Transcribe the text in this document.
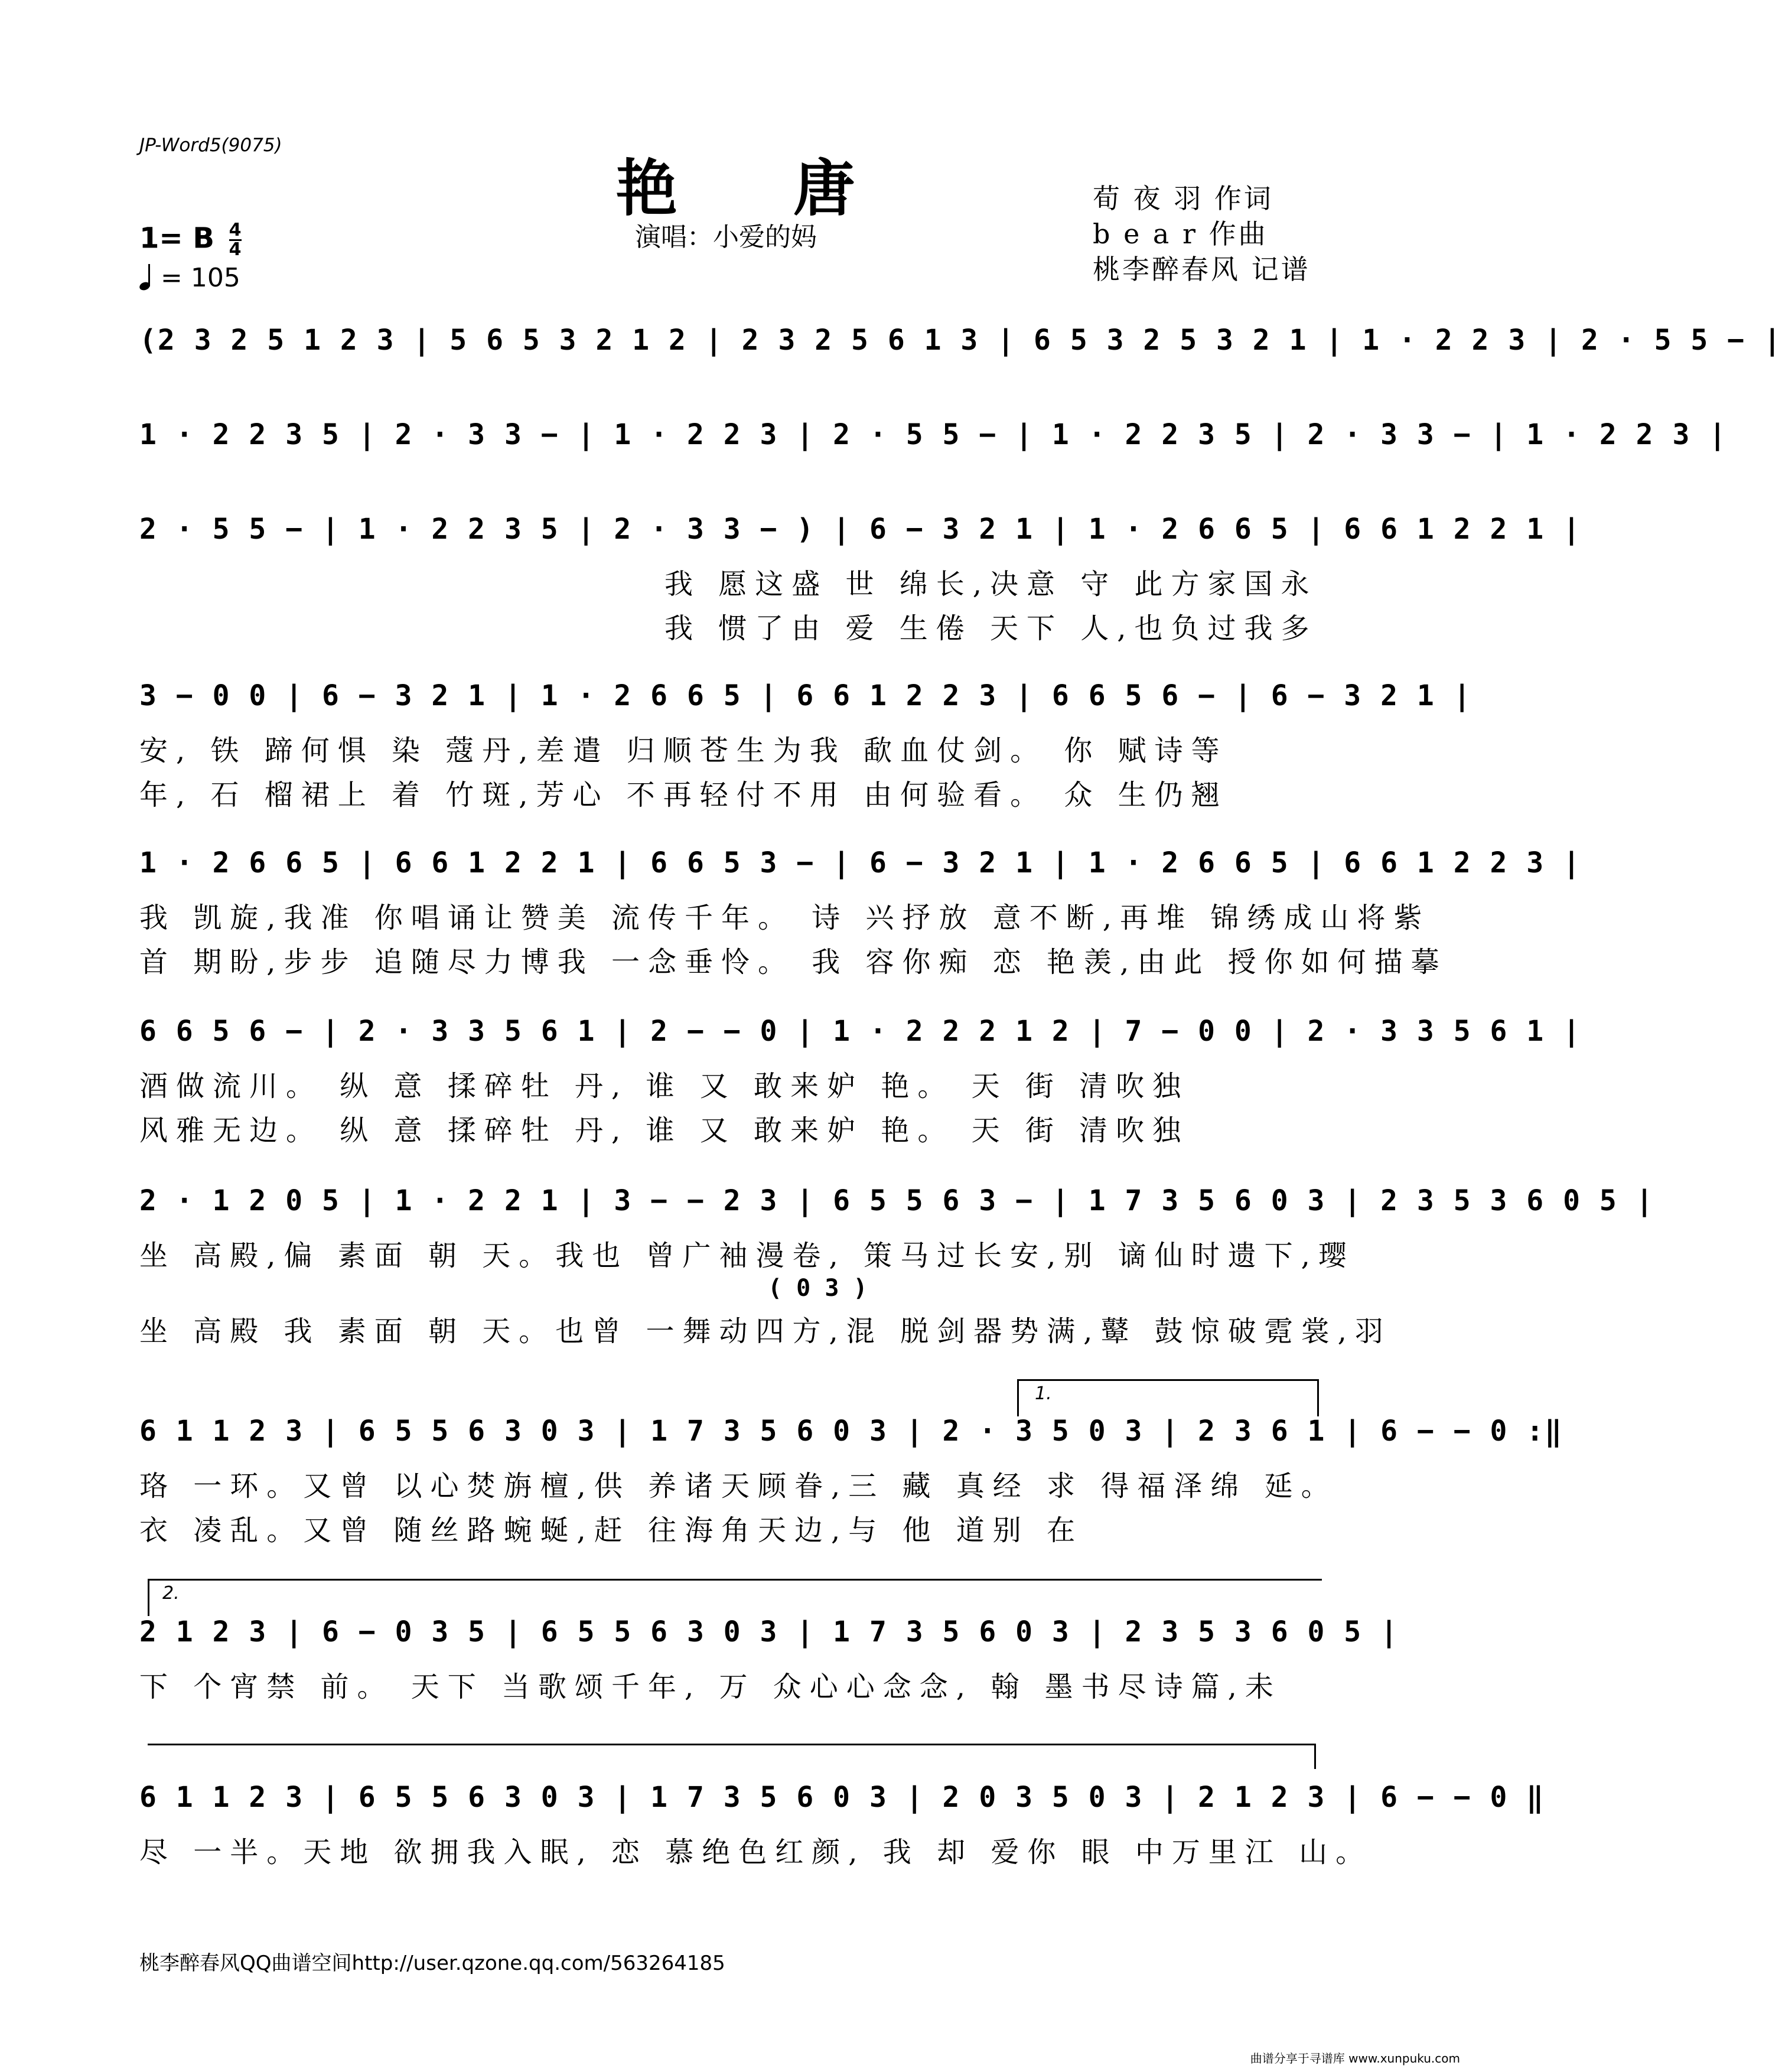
JP-Word5(9075)
艳 唐
演唱：小爱的妈
荀 夜 羽 作词
b e a r 作曲
桃李醉春风 记谱
1= B $\frac{4}{4}$
= 105
(2 3 2 5 1 2 3 | 5 6 5 3 2 1 2 | 2 3 2 5 6 1 3 | 6 5 3 2 5 3 2 1 | 1 · 2 2 3 | 2 · 5 5 − |
1 · 2 2 3 5 | 2 · 3 3 − | 1 · 2 2 3 | 2 · 5 5 − | 1 · 2 2 3 5 | 2 · 3 3 − | 1 · 2 2 3 |
2 · 5 5 − | 1 · 2 2 3 5 | 2 · 3 3 − ) | 6 − 3 2 1 | 1 · 2 6 6 5 | 6 6 1 2 2 1 |
我 愿这盛 世 绵长,决意 守 此方家国永
我 惯了由 爱 生倦 天下 人,也负过我多
3 − 0 0 | 6 − 3 2 1 | 1 · 2 6 6 5 | 6 6 1 2 2 3 | 6 6 5 6 − | 6 − 3 2 1 |
安, 铁 蹄何惧 染 蔻丹,差遣 归顺苍生为我 歃血仗剑。 你 赋诗等
年, 石 榴裙上 着 竹斑,芳心 不再轻付不用 由何验看。 众 生仍翘
1 · 2 6 6 5 | 6 6 1 2 2 1 | 6 6 5 3 − | 6 − 3 2 1 | 1 · 2 6 6 5 | 6 6 1 2 2 3 |
我 凯旋,我准 你唱诵让赞美 流传千年。 诗 兴抒放 意不断,再堆 锦绣成山将紫
首 期盼,步步 追随尽力博我 一念垂怜。 我 容你痴 恋 艳羡,由此 授你如何描摹
6 6 5 6 − | 2 · 3 3 5 6 1 | 2 − − 0 | 1 · 2 2 2 1 2 | 7 − 0 0 | 2 · 3 3 5 6 1 |
酒做流川。 纵 意 揉碎牡 丹, 谁 又 敢来妒 艳。 天 街 清吹独
风雅无边。 纵 意 揉碎牡 丹, 谁 又 敢来妒 艳。 天 街 清吹独
2 · 1 2 0 5 | 1 · 2 2 1 | 3 − − 2 3 | 6 5 5 6 3 − | 1 7 3 5 6 0 3 | 2 3 5 3 6 0 5 |
坐 高殿,偏 素面 朝 天。我也 曾广袖漫卷, 策马过长安,别 谪仙时遗下,璎
( 0 3 )
坐 高殿 我 素面 朝 天。也曾 一舞动四方,混 脱剑器势满,鼙 鼓惊破霓裳,羽
1.
6 1 1 2 3 | 6 5 5 6 3 0 3 | 1 7 3 5 6 0 3 | 2 · 3 5 0 3 | 2 3 6 1 | 6 − − 0 :‖
珞 一环。又曾 以心焚旃檀,供 养诸天顾眷,三 藏 真经 求 得福泽绵 延。
衣 凌乱。又曾 随丝路蜿蜒,赶 往海角天边,与 他 道别 在
2.
2 1 2 3 | 6 − 0 3 5 | 6 5 5 6 3 0 3 | 1 7 3 5 6 0 3 | 2 3 5 3 6 0 5 |
下 个宵禁 前。 天下 当歌颂千年, 万 众心心念念, 翰 墨书尽诗篇,未
6 1 1 2 3 | 6 5 5 6 3 0 3 | 1 7 3 5 6 0 3 | 2 0 3 5 0 3 | 2 1 2 3 | 6 − − 0 ‖
尽 一半。天地 欲拥我入眠, 恋 慕绝色红颜, 我 却 爱你 眼 中万里江 山。
桃李醉春风QQ曲谱空间http://user.qzone.qq.com/563264185
曲谱分享于寻谱库 www.xunpuku.com
